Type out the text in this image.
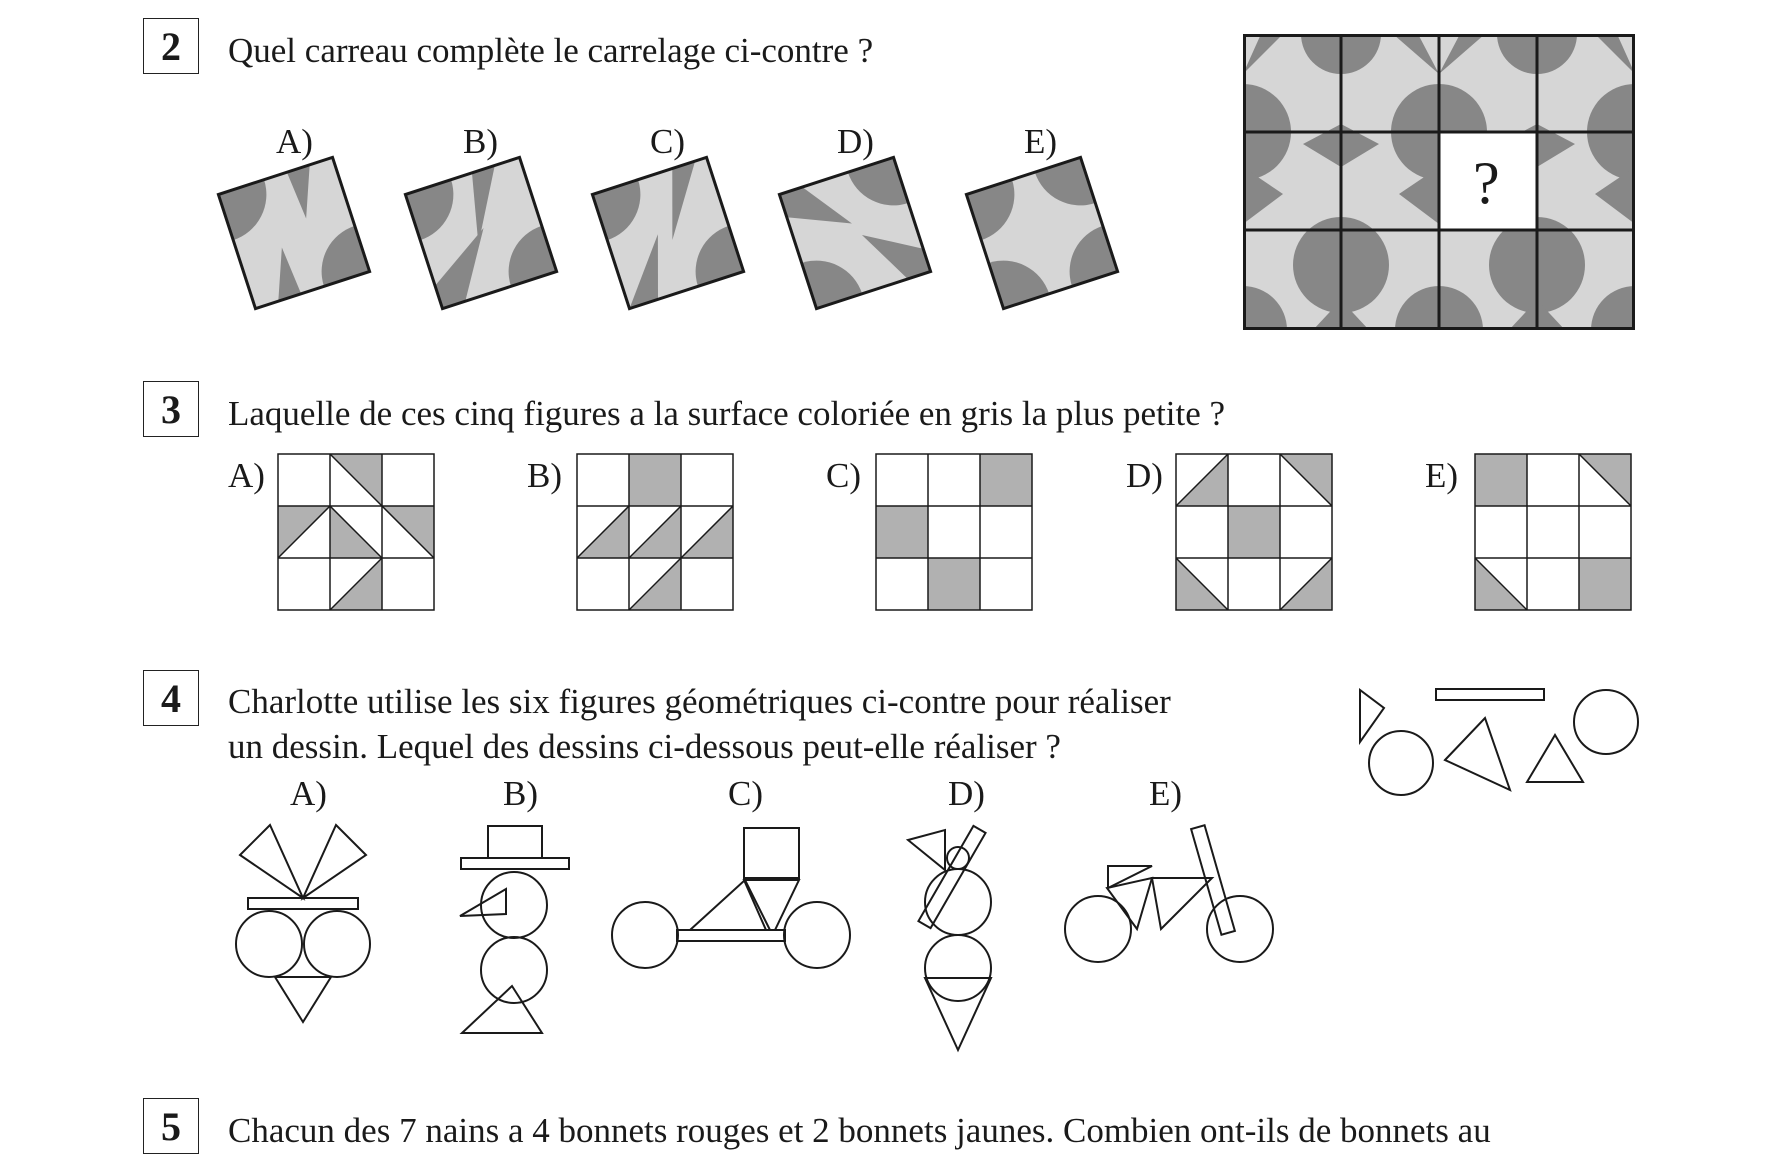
2	Quel carreau complète le carrelage ci-contre ?
A)	B)	C)	D)	E)
?
3	Laquelle de ces cinq figures a la surface coloriée en gris la plus petite ?
A)	B)	C)	D)	E)
4	Charlotte utilise les six figures géométriques ci-contre pour réaliser
un dessin. Lequel des dessins ci-dessous peut-elle réaliser ?
A)	B)	C)	D)	E)
5	Chacun des 7 nains a 4 bonnets rouges et 2 bonnets jaunes. Combien ont-ils de bonnets au
